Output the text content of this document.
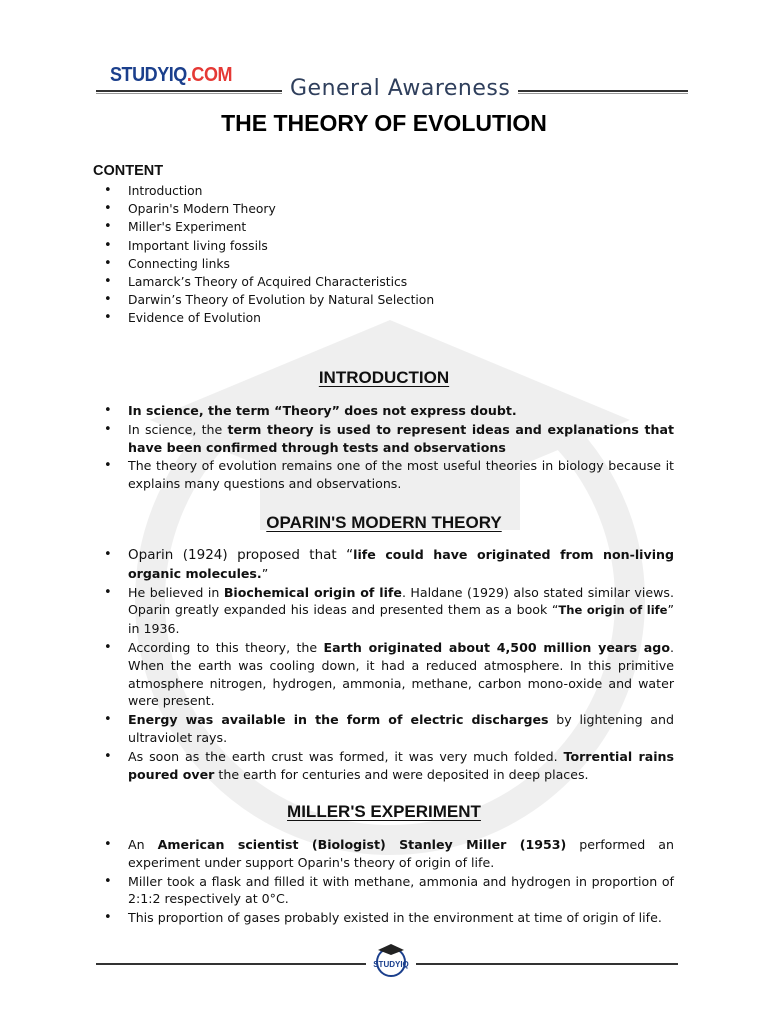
STUDYIQ.COM
General Awareness
THE THEORY OF EVOLUTION
CONTENT
• Introduction
• Oparin's Modern Theory
• Miller's Experiment
• Important living fossils
• Connecting links
• Lamarck’s Theory of Acquired Characteristics
• Darwin’s Theory of Evolution by Natural Selection
• Evidence of Evolution
INTRODUCTION
• In science, the term “Theory” does not express doubt.
• In science, the term theory is used to represent ideas and explanations that have been confirmed through tests and observations
• The theory of evolution remains one of the most useful theories in biology because it explains many questions and observations.
OPARIN'S MODERN THEORY
• Oparin (1924) proposed that “life could have originated from non-living organic molecules.”
• He believed in Biochemical origin of life. Haldane (1929) also stated similar views. Oparin greatly expanded his ideas and presented them as a book “The origin of life” in 1936.
• According to this theory, the Earth originated about 4,500 million years ago. When the earth was cooling down, it had a reduced atmosphere. In this primitive atmosphere nitrogen, hydrogen, ammonia, methane, carbon mono-oxide and water were present.
• Energy was available in the form of electric discharges by lightening and ultraviolet rays.
• As soon as the earth crust was formed, it was very much folded. Torrential rains poured over the earth for centuries and were deposited in deep places.
MILLER'S EXPERIMENT
• An American scientist (Biologist) Stanley Miller (1953) performed an experiment under support Oparin's theory of origin of life.
• Miller took a flask and filled it with methane, ammonia and hydrogen in proportion of 2:1:2 respectively at 0°C.
• This proportion of gases probably existed in the environment at time of origin of life.
STUDYIQ
